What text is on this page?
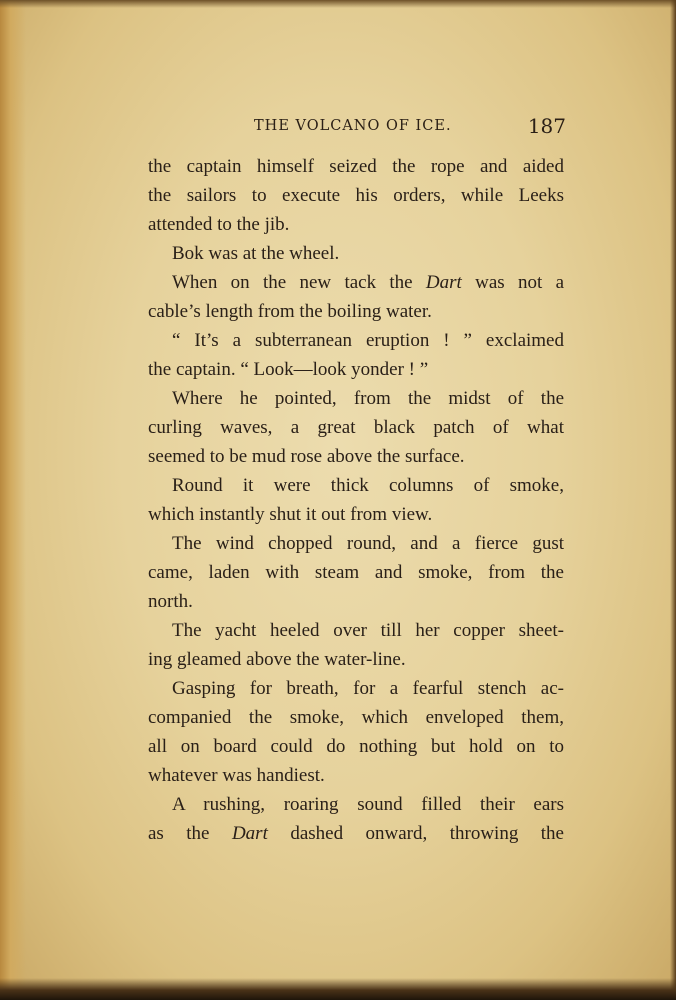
THE VOLCANO OF ICE.	187
the captain himself seized the rope and aided
the sailors to execute his orders, while Leeks
attended to the jib.
Bok was at the wheel.
When on the new tack the Dart was not a
cable’s length from the boiling water.
“ It’s a subterranean eruption ! ” exclaimed
the captain. “ Look—look yonder ! ”
Where he pointed, from the midst of the
curling waves, a great black patch of what
seemed to be mud rose above the surface.
Round it were thick columns of smoke,
which instantly shut it out from view.
The wind chopped round, and a fierce gust
came, laden with steam and smoke, from the
north.
The yacht heeled over till her copper sheet-
ing gleamed above the water-line.
Gasping for breath, for a fearful stench ac-
companied the smoke, which enveloped them,
all on board could do nothing but hold on to
whatever was handiest.
A rushing, roaring sound filled their ears
as the Dart dashed onward, throwing the
